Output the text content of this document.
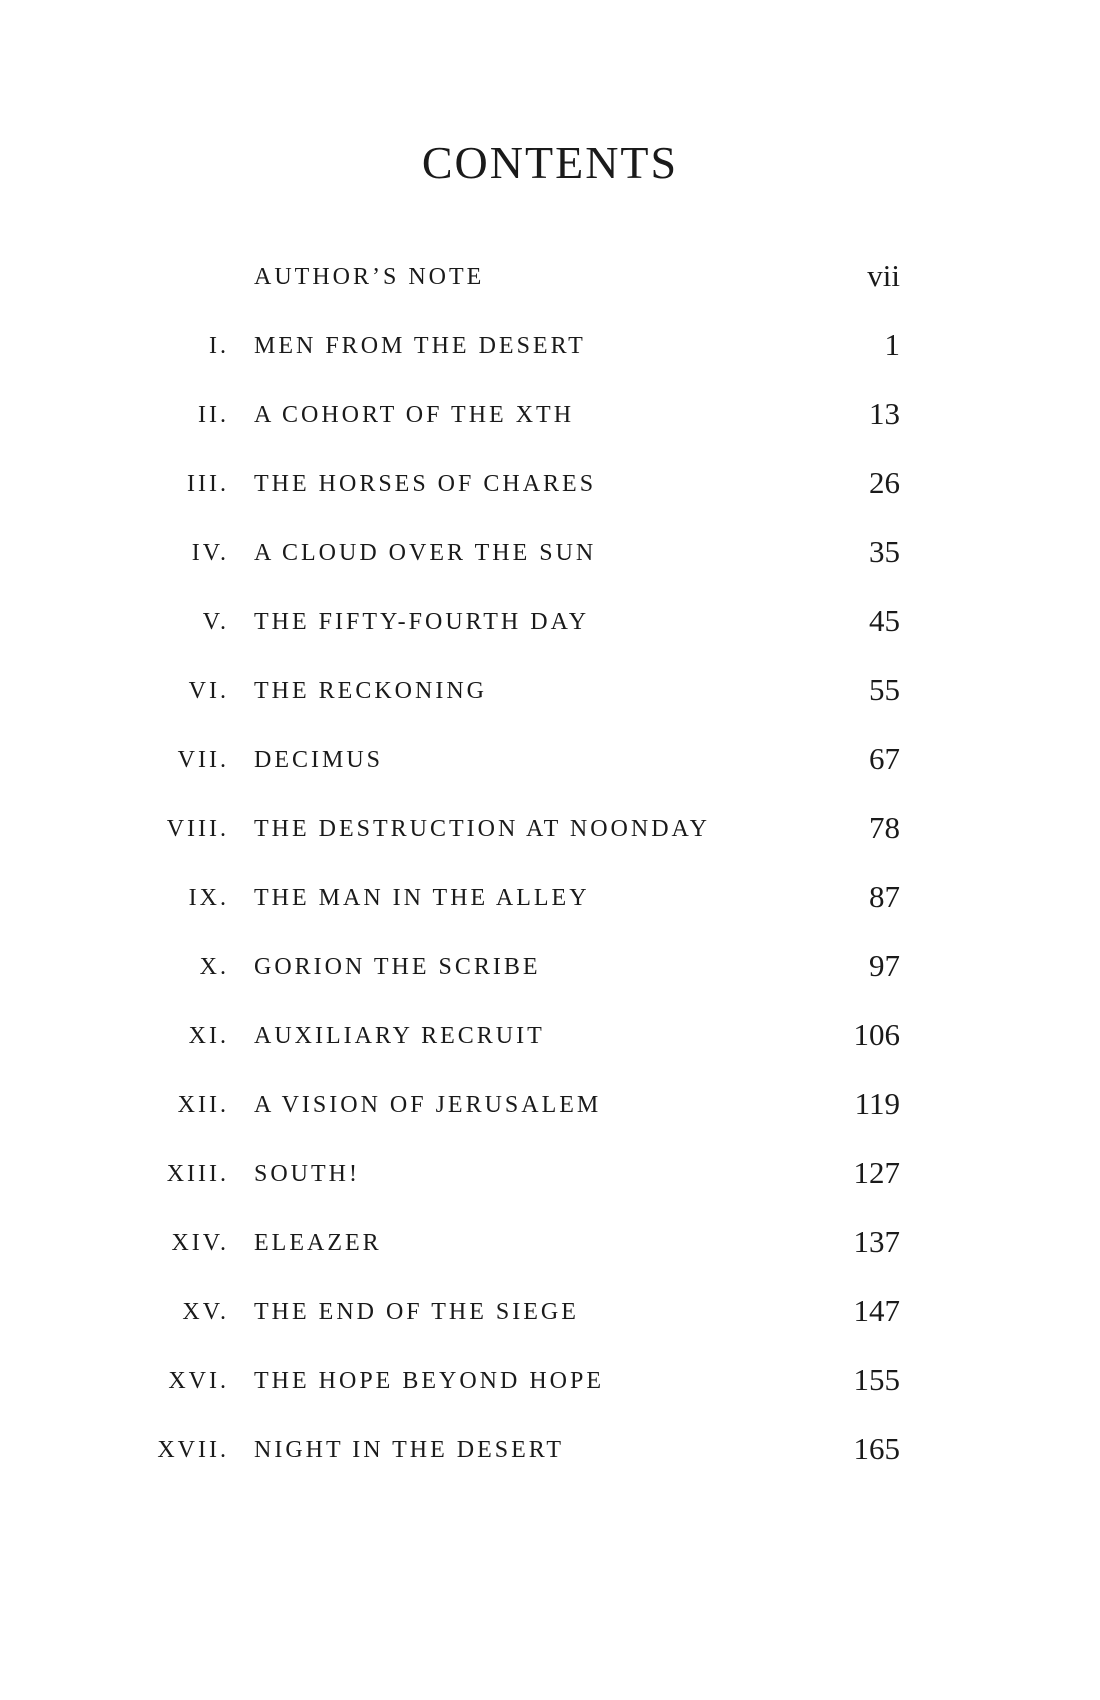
CONTENTS
AUTHOR’S NOTE	vii
I. MEN FROM THE DESERT	1
II. A COHORT OF THE XTH	13
III. THE HORSES OF CHARES	26
IV. A CLOUD OVER THE SUN	35
V. THE FIFTY-FOURTH DAY	45
VI. THE RECKONING	55
VII. DECIMUS	67
VIII. THE DESTRUCTION AT NOONDAY	78
IX. THE MAN IN THE ALLEY	87
X. GORION THE SCRIBE	97
XI. AUXILIARY RECRUIT	106
XII. A VISION OF JERUSALEM	119
XIII. SOUTH!	127
XIV. ELEAZER	137
XV. THE END OF THE SIEGE	147
XVI. THE HOPE BEYOND HOPE	155
XVII. NIGHT IN THE DESERT	165
